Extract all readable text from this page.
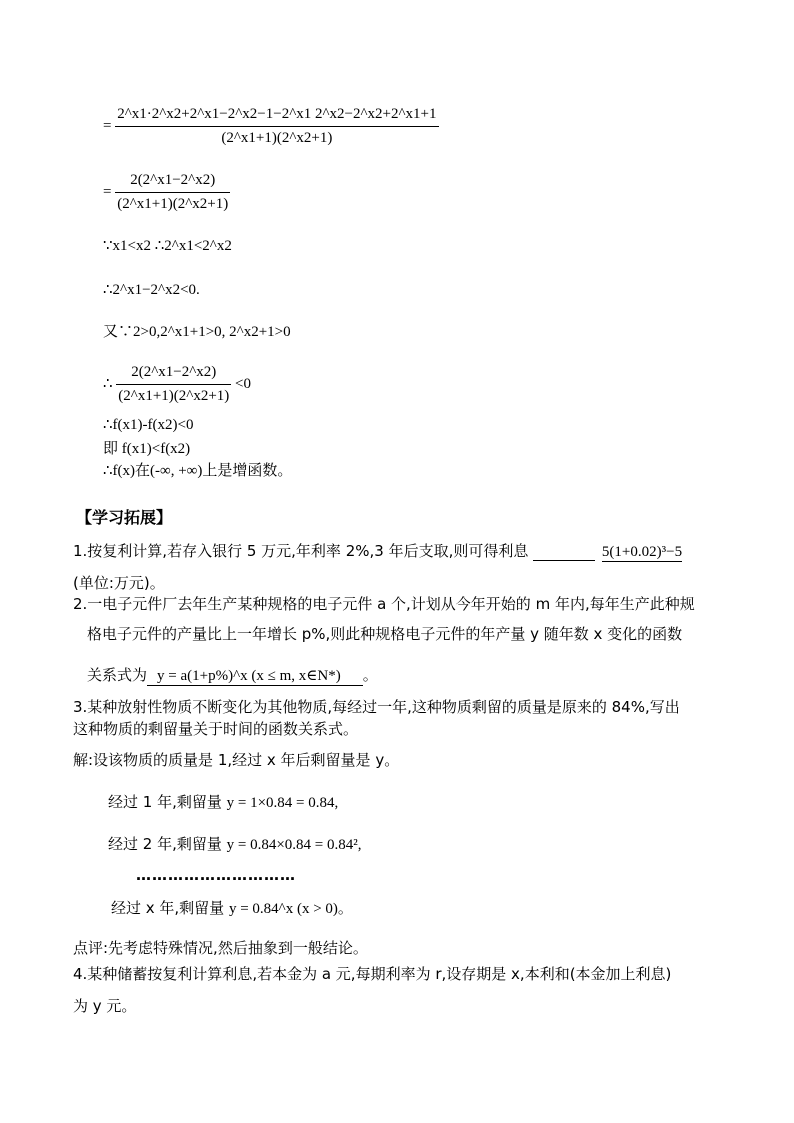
= $\frac{2\^{}x1\cdot 2\^{}x2+2\^{}x1-2\^{}x2-1-2\^{}x1 2\^{}x2-2\^{}x2+2\^{}x1+1}{(2\^{}x1+1)(2\^{}x2+1)}$
= $\frac{2(2\^{}x1-2\^{}x2)}{(2\^{}x1+1)(2\^{}x2+1)}$
∵x1<x2 ∴2^x1<2^x2
∴2^x1−2^x2<0.
又∵2>0,2^x1+1>0, 2^x2+1>0
∴ $\frac{2(2\^{}x1-2\^{}x2)}{(2\^{}x1+1)(2\^{}x2+1)} <0$
∴f(x1)-f(x2)<0
即 f(x1)<f(x2)
∴f(x)在(-∞, +∞)上是增函数。
【学习拓展】
1.按复利计算,若存入银行 5 万元,年利率 2%,3 年后支取,则可得利息	5(1+0.02)³−5
(单位:万元)。
2.一电子元件厂去年生产某种规格的电子元件 a 个,计划从今年开始的 m 年内,每年生产此种规
格电子元件的产量比上一年增长 p%,则此种规格电子元件的年产量 y 随年数 x 变化的函数
关系式为 y = a(1+p%)^x (x ≤ m, x∈N*) 。
3.某种放射性物质不断变化为其他物质,每经过一年,这种物质剩留的质量是原来的 84%,写出
这种物质的剩留量关于时间的函数关系式。
解:设该物质的质量是 1,经过 x 年后剩留量是 y。
经过 1 年,剩留量 y = 1×0.84 = 0.84,
经过 2 年,剩留量 y = 0.84×0.84 = 0.84²,
…………………………
经过 x 年,剩留量 y = 0.84^x (x > 0)。
点评:先考虑特殊情况,然后抽象到一般结论。
4.某种储蓄按复利计算利息,若本金为 a 元,每期利率为 r,设存期是 x,本利和(本金加上利息)
为 y 元。
